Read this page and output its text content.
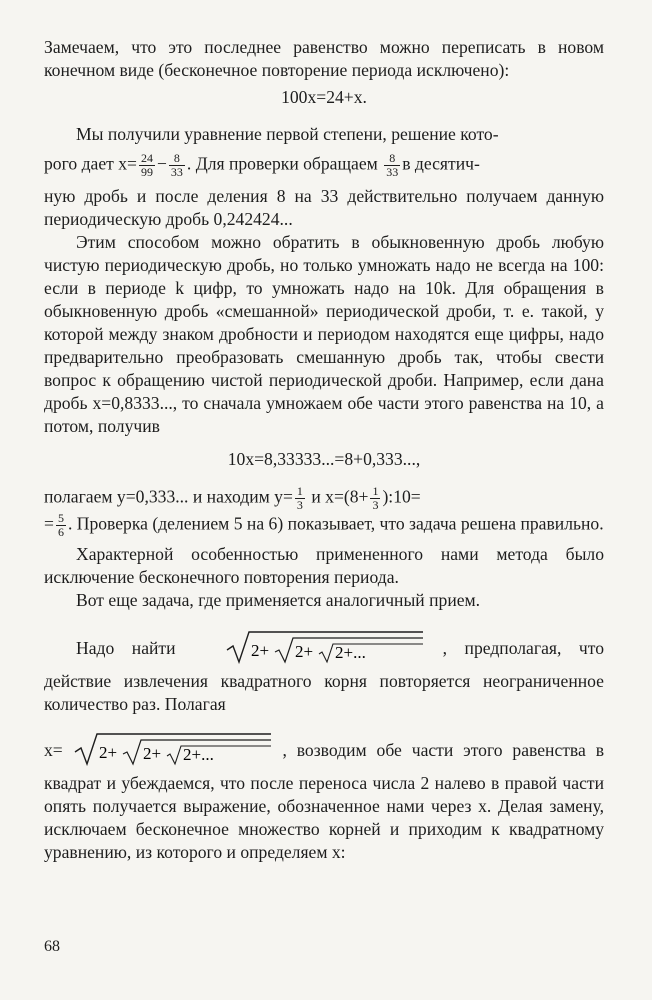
Замечаем, что это последнее равенство можно переписать в новом конечном виде (бесконечное повторение периода исключено):

100x=24+x.

Мы получили уравнение первой степени, решение кото-

рого дает $x= \frac{24}{99} - \frac{8}{33}$ . Для проверки обращаем $\frac{8}{33}$ в десятич-

ную дробь и после деления 8 на 33 действительно получаем данную периодическую дробь 0,242424...

Этим способом можно обратить в обыкновенную дробь любую чистую периодическую дробь, но только умножать надо не всегда на 100: если в периоде k цифр, то умножать надо на 10k. Для обращения в обыкновенную дробь «смешанной» периодической дроби, т. е. такой, у которой между знаком дробности и периодом находятся еще цифры, надо предварительно преобразовать смешанную дробь так, чтобы свести вопрос к обращению чистой периодической дроби. Например, если дана дробь x=0,8333..., то сначала умножаем обе части этого равенства на 10, а потом, получив

10x=8,33333...=8+0,333...,

полагаем y=0,333... и находим $y= \frac{1}{3}$ и $x=(8+ \frac{1}{3}$ ):10=
= $\frac{5}{6}$ . Проверка (делением 5 на 6) показывает, что задача решена правильно.

Характерной особенностью примененного нами метода было исключение бесконечного повторения периода.

Вот еще задача, где применяется аналогичный прием.

Надо найти	2+ 2+ 2+...	, предполагая, что действие извлечения квадратного корня повторяется неограниченное количество раз. Полагая

x= 2+ 2+ 2+...	, возводим обе части этого равенства в квадрат и убеждаемся, что после переноса числа 2 налево в правой части опять получается выражение, обозначенное нами через x. Делая замену, исключаем бесконечное множество корней и приходим к квадратному уравнению, из которого и определяем x:

68
